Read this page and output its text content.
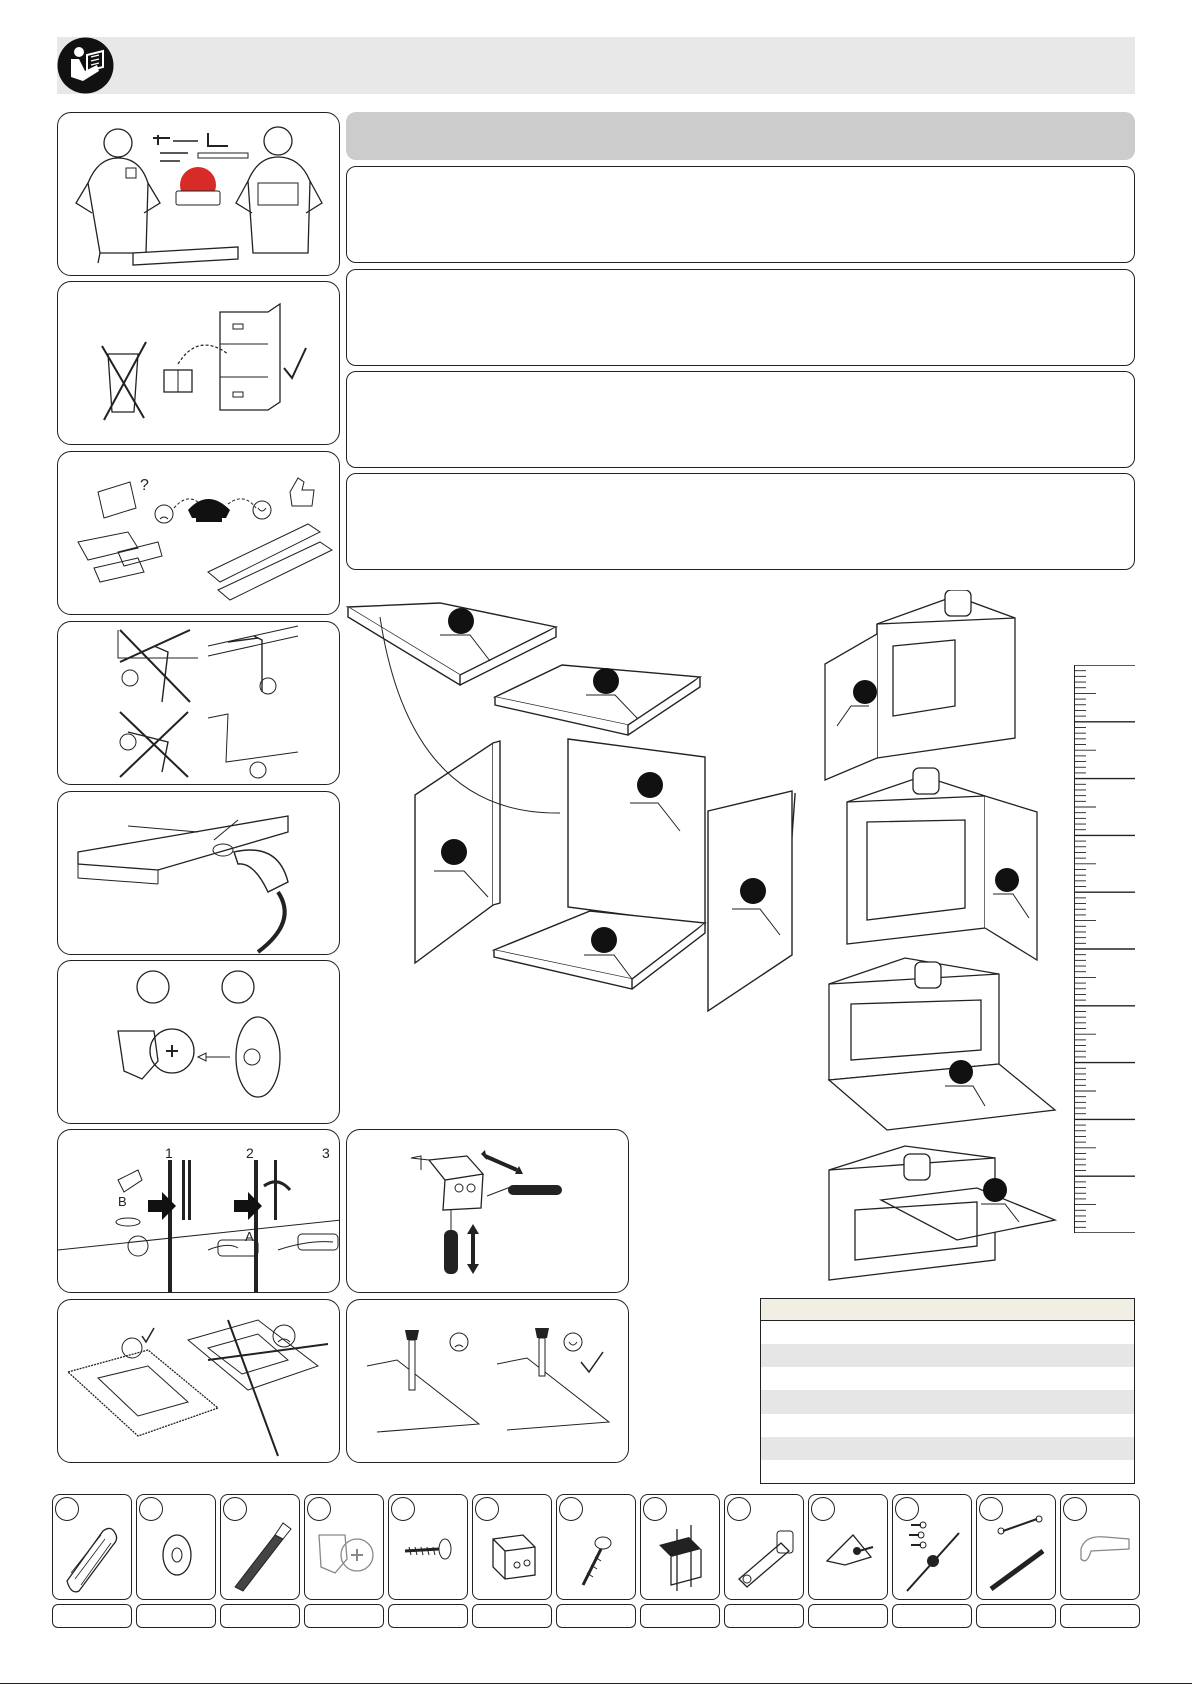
?
1	2	3
B
A
